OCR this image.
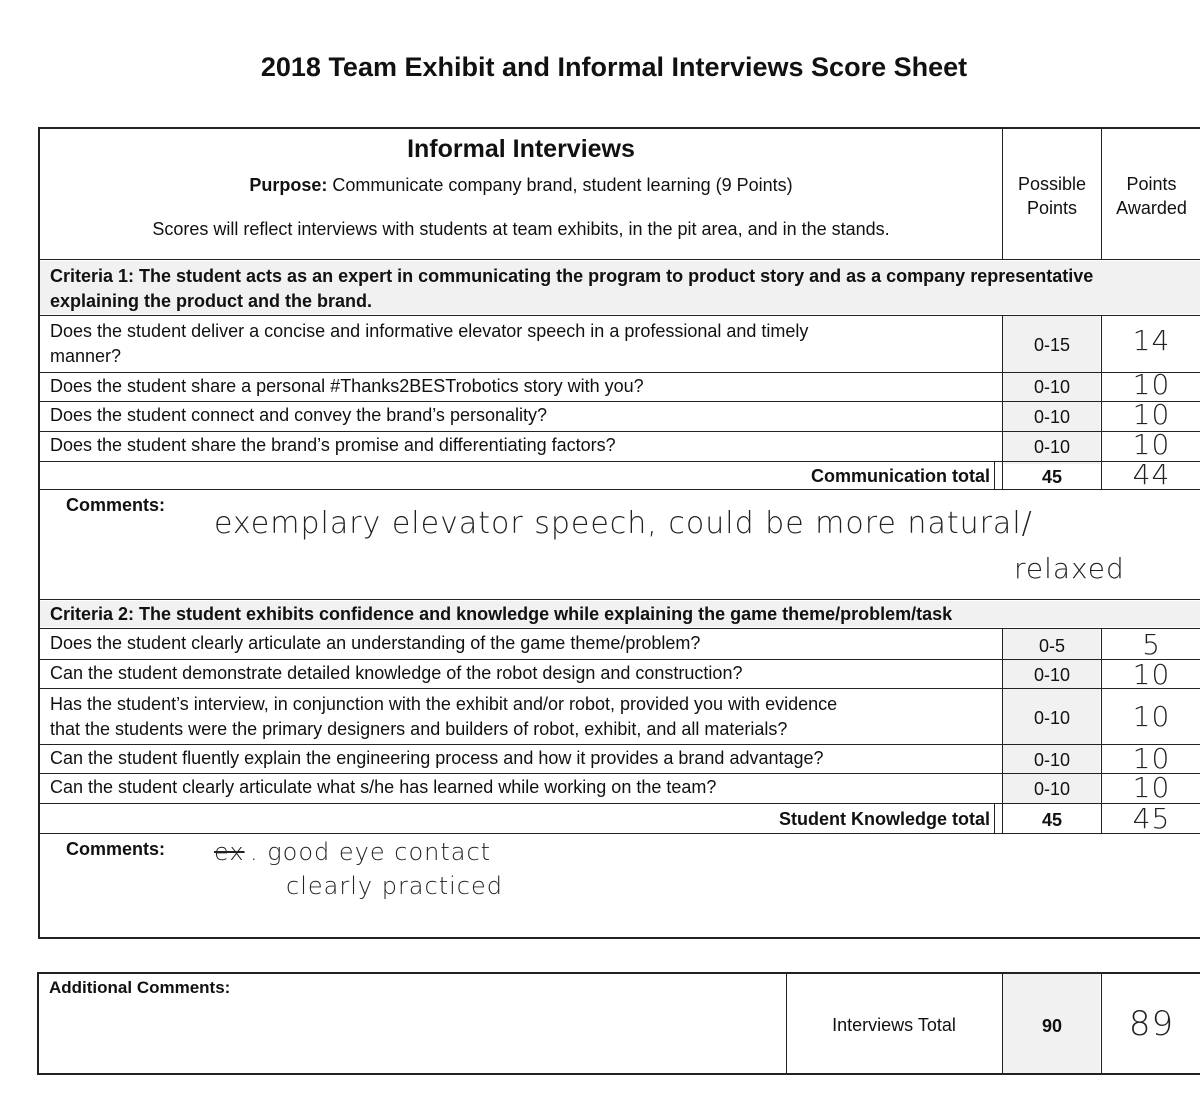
2018 Team Exhibit and Informal Interviews Score Sheet
Informal Interviews
Purpose: Communicate company brand, student learning (9 Points)
Scores will reflect interviews with students at team exhibits, in the pit area, and in the stands.
Possible
Points
Points
Awarded
Criteria 1: The student acts as an expert in communicating the program to product story and as a company representative
explaining the product and the brand.
Does the student deliver a concise and informative elevator speech in a professional and timely
manner?
0-15	14
Does the student share a personal #Thanks2BESTrobotics story with you?	0-10	10
Does the student connect and convey the brand’s personality?	0-10	10
Does the student share the brand’s promise and differentiating factors?	0-10	10
Communication total	45	44
Comments:
exemplary elevator speech, could be more natural/
relaxed
Criteria 2: The student exhibits confidence and knowledge while explaining the game theme/problem/task
Does the student clearly articulate an understanding of the game theme/problem?	0-5	5
Can the student demonstrate detailed knowledge of the robot design and construction?	0-10	10
Has the student’s interview, in conjunction with the exhibit and/or robot, provided you with evidence
that the students were the primary designers and builders of robot, exhibit, and all materials?
0-10	10
Can the student fluently explain the engineering process and how it provides a brand advantage?	0-10	10
Can the student clearly articulate what s/he has learned while working on the team?	0-10	10
Student Knowledge total	45	45
Comments: ex . good eye contact
clearly practiced
Additional Comments:
Interviews Total	90	89
